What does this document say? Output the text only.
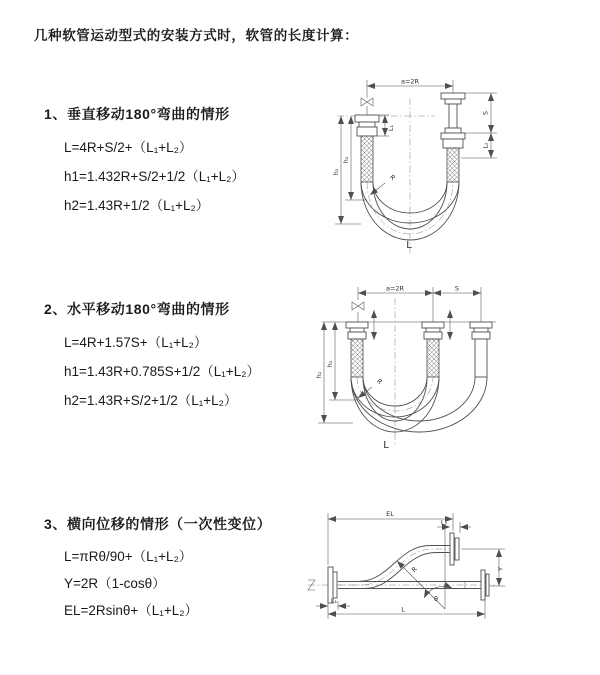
几种软管运动型式的安装方式时，软管的长度计算：
1、垂直移动180°弯曲的情形
L=4R+S/2+（L₁+L₂）
h1=1.432R+S/2+1/2（L₁+L₂）
h2=1.43R+1/2（L₁+L₂）
2、水平移动180°弯曲的情形
L=4R+1.57S+（L₁+L₂）
h1=1.43R+0.785S+1/2（L₁+L₂）
h2=1.43R+S/2+1/2（L₁+L₂）
3、横向位移的情形（一次性变位）
L=πRθ/90+（L₁+L₂）
Y=2R（1-cosθ）
EL=2Rsinθ+（L₁+L₂）
a=2R
L₁
S
L₂
h₂
h₁
R
L
a=2R	S
h₂
h₁
R
L
EL
L₂
Y
θ
R
L
L₁
